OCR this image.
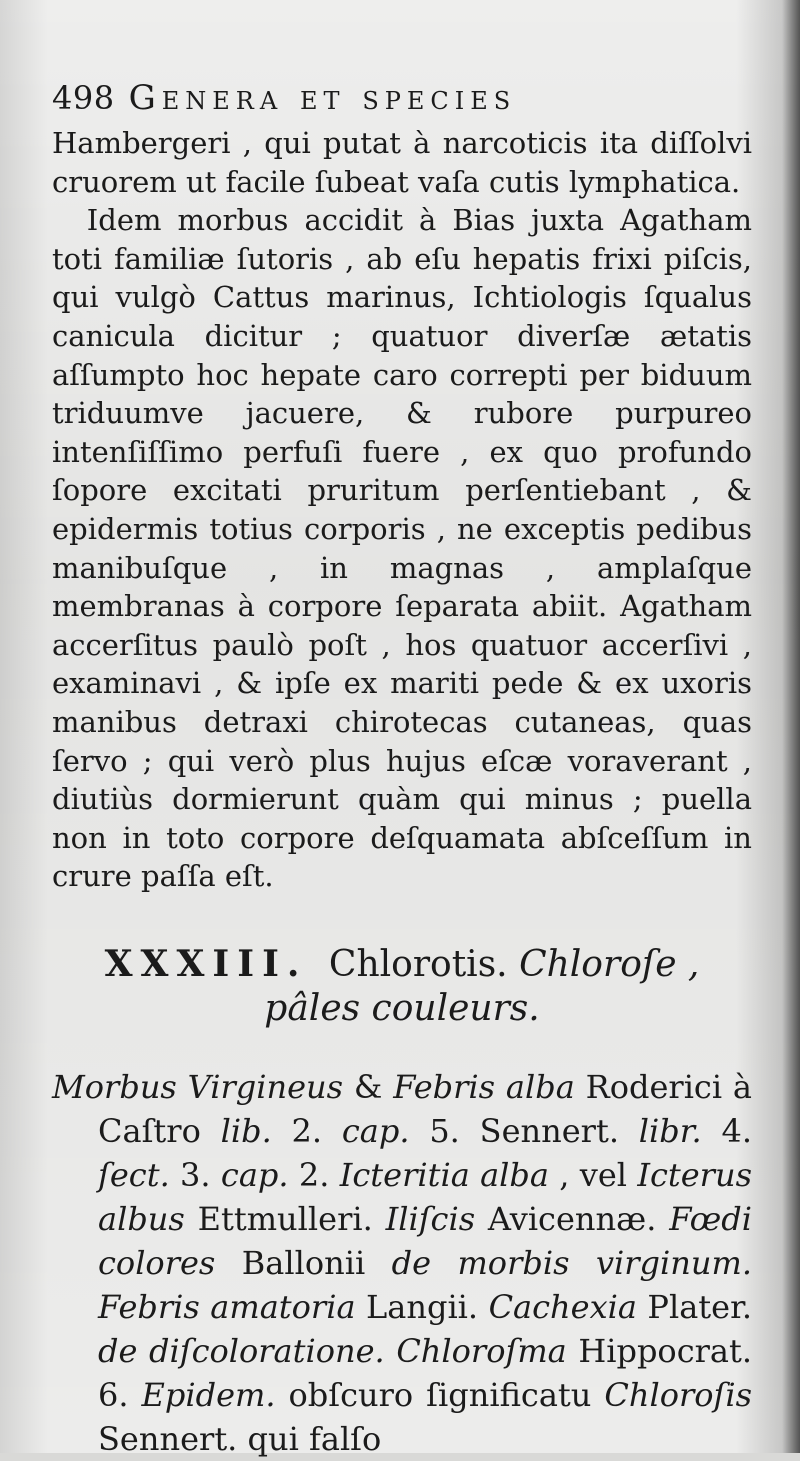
498 Genera et species

Hambergeri , qui putat à narcoticis ita diſſolvi cruorem ut facile ſubeat vaſa cutis lymphatica.

Idem morbus accidit à Bias juxta Agatham toti familiæ ſutoris , ab eſu hepatis frixi piſcis, qui vulgò Cattus marinus, Ichtiologis ſqualus canicula dicitur ; quatuor diverſæ ætatis aſſumpto hoc hepate caro correpti per biduum triduumve jacuere, & rubore purpureo intenſiſſimo perfuſi fuere , ex quo profundo ſopore excitati pruritum perſentiebant , & epidermis totius corporis , ne exceptis pedibus manibuſque , in magnas , amplaſque membranas à corpore ſeparata abiit. Agatham accerſitus paulò poſt , hos quatuor accerſivi , examinavi , & ipſe ex mariti pede & ex uxoris manibus detraxi chirotecas cutaneas, quas ſervo ; qui verò plus hujus eſcæ voraverant , diutiùs dormierunt quàm qui minus ; puella non in toto corpore deſquamata abſceſſum in crure paſſa eſt.

XXXIII. Chlorotis. Chloroſe , pâles couleurs.
Morbus Virgineus & Febris alba Roderici à Caſtro lib. 2. cap. 5. Sennert. libr. 4. ſect. 3. cap. 2. Icteritia alba , vel Icterus albus Ettmulleri. Iliſcis Avicennæ. Fœdi colores Ballonii de morbis virginum. Febris amatoria Langii. Cachexia Plater. de diſcoloratione. Chloroſma Hippocrat. 6. Epidem. obſcuro ſignificatu Chloroſis Sennert. qui falſo
